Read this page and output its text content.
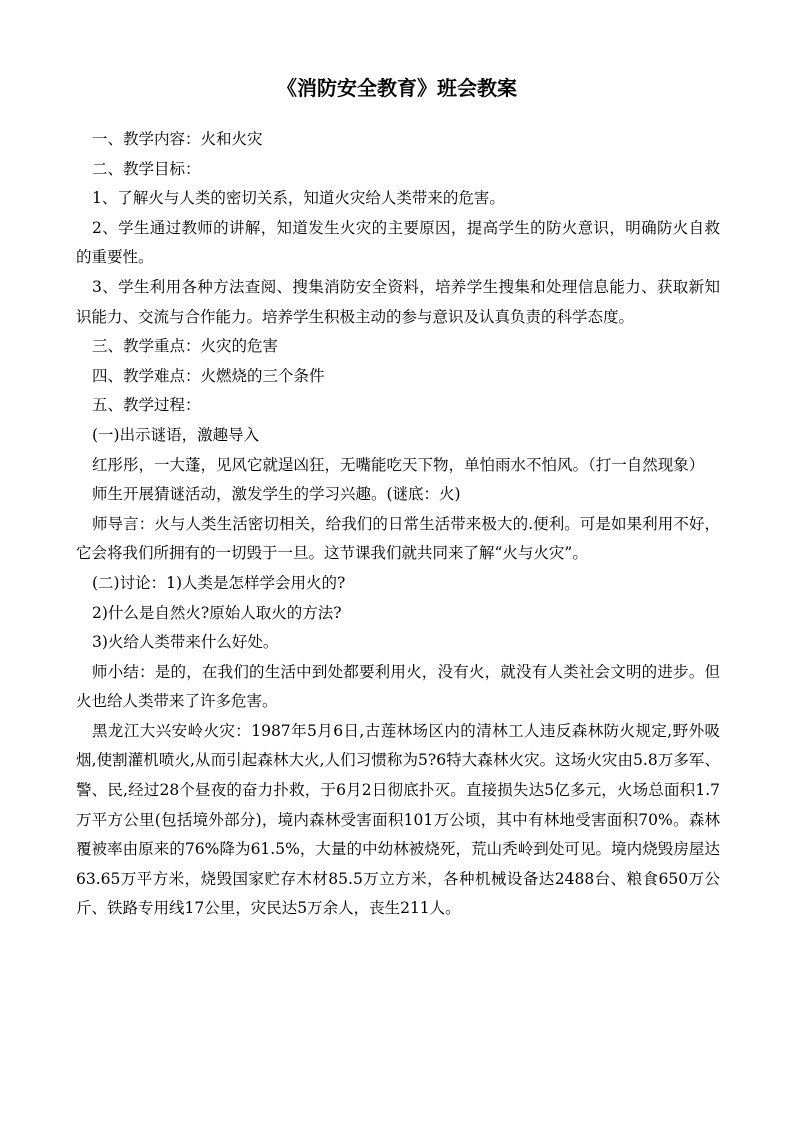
《消防安全教育》班会教案

一、教学内容：火和火灾

二、教学目标：

1、了解火与人类的密切关系，知道火灾给人类带来的危害。

2、学生通过教师的讲解，知道发生火灾的主要原因，提高学生的防火意识，明确防火自救的重要性。

3、学生利用各种方法查阅、搜集消防安全资料，培养学生搜集和处理信息能力、获取新知识能力、交流与合作能力。培养学生积极主动的参与意识及认真负责的科学态度。

三、教学重点：火灾的危害

四、教学难点：火燃烧的三个条件

五、教学过程：

(一)出示谜语，激趣导入

红彤彤，一大蓬，见风它就逞凶狂，无嘴能吃天下物，单怕雨水不怕风。（打一自然现象）

师生开展猜谜活动，激发学生的学习兴趣。(谜底：火)

师导言：火与人类生活密切相关，给我们的日常生活带来极大的.便利。可是如果利用不好，它会将我们所拥有的一切毁于一旦。这节课我们就共同来了解“火与火灾”。

(二)讨论：1)人类是怎样学会用火的?

2)什么是自然火?原始人取火的方法?

3)火给人类带来什么好处。

师小结：是的，在我们的生活中到处都要利用火，没有火，就没有人类社会文明的进步。但火也给人类带来了许多危害。

黑龙江大兴安岭火灾：1987年5月6日,古莲林场区内的清林工人违反森林防火规定,野外吸烟,使割灌机喷火,从而引起森林大火,人们习惯称为5?6特大森林火灾。这场火灾由5.8万多军、警、民,经过28个昼夜的奋力扑救，于6月2日彻底扑灭。直接损失达5亿多元，火场总面积1.7万平方公里(包括境外部分)，境内森林受害面积101万公顷，其中有林地受害面积70%。森林覆被率由原来的76%降为61.5%，大量的中幼林被烧死，荒山秃岭到处可见。境内烧毁房屋达63.65万平方米，烧毁国家贮存木材85.5万立方米，各种机械设备达2488台、粮食650万公斤、铁路专用线17公里，灾民达5万余人，丧生211人。
